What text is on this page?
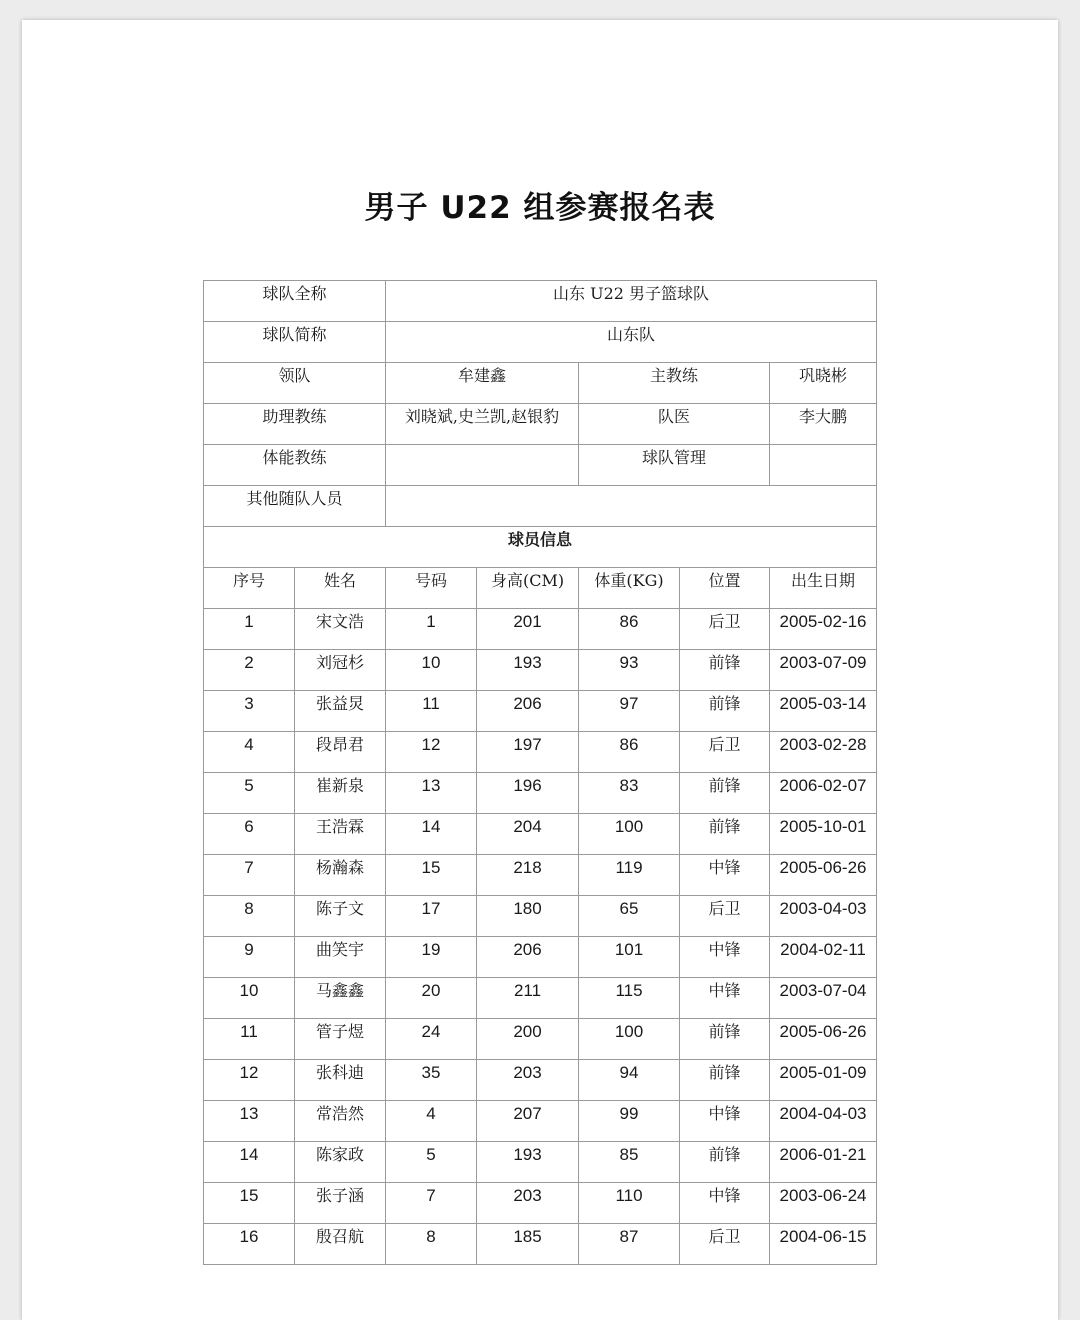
男子 U22 组参赛报名表
球队全称		山东 U22 男子篮球队				
球队简称		山东队				
领队		牟建鑫		主教练		巩晓彬
助理教练		刘晓斌,史兰凯,赵银豹		队医		李大鹏
体能教练				球队管理		
其他随队人员						
球员信息						
序号	姓名	号码	身高(CM)	体重(KG)	位置	出生日期
1	宋文浩	1	201	86	后卫	2005-02-16
2	刘冠杉	10	193	93	前锋	2003-07-09
3	张益炅	11	206	97	前锋	2005-03-14
4	段昂君	12	197	86	后卫	2003-02-28
5	崔新泉	13	196	83	前锋	2006-02-07
6	王浩霖	14	204	100	前锋	2005-10-01
7	杨瀚森	15	218	119	中锋	2005-06-26
8	陈子文	17	180	65	后卫	2003-04-03
9	曲笑宇	19	206	101	中锋	2004-02-11
10	马鑫鑫	20	211	115	中锋	2003-07-04
11	管子煜	24	200	100	前锋	2005-06-26
12	张科迪	35	203	94	前锋	2005-01-09
13	常浩然	4	207	99	中锋	2004-04-03
14	陈家政	5	193	85	前锋	2006-01-21
15	张子涵	7	203	110	中锋	2003-06-24
16	殷召航	8	185	87	后卫	2004-06-15
